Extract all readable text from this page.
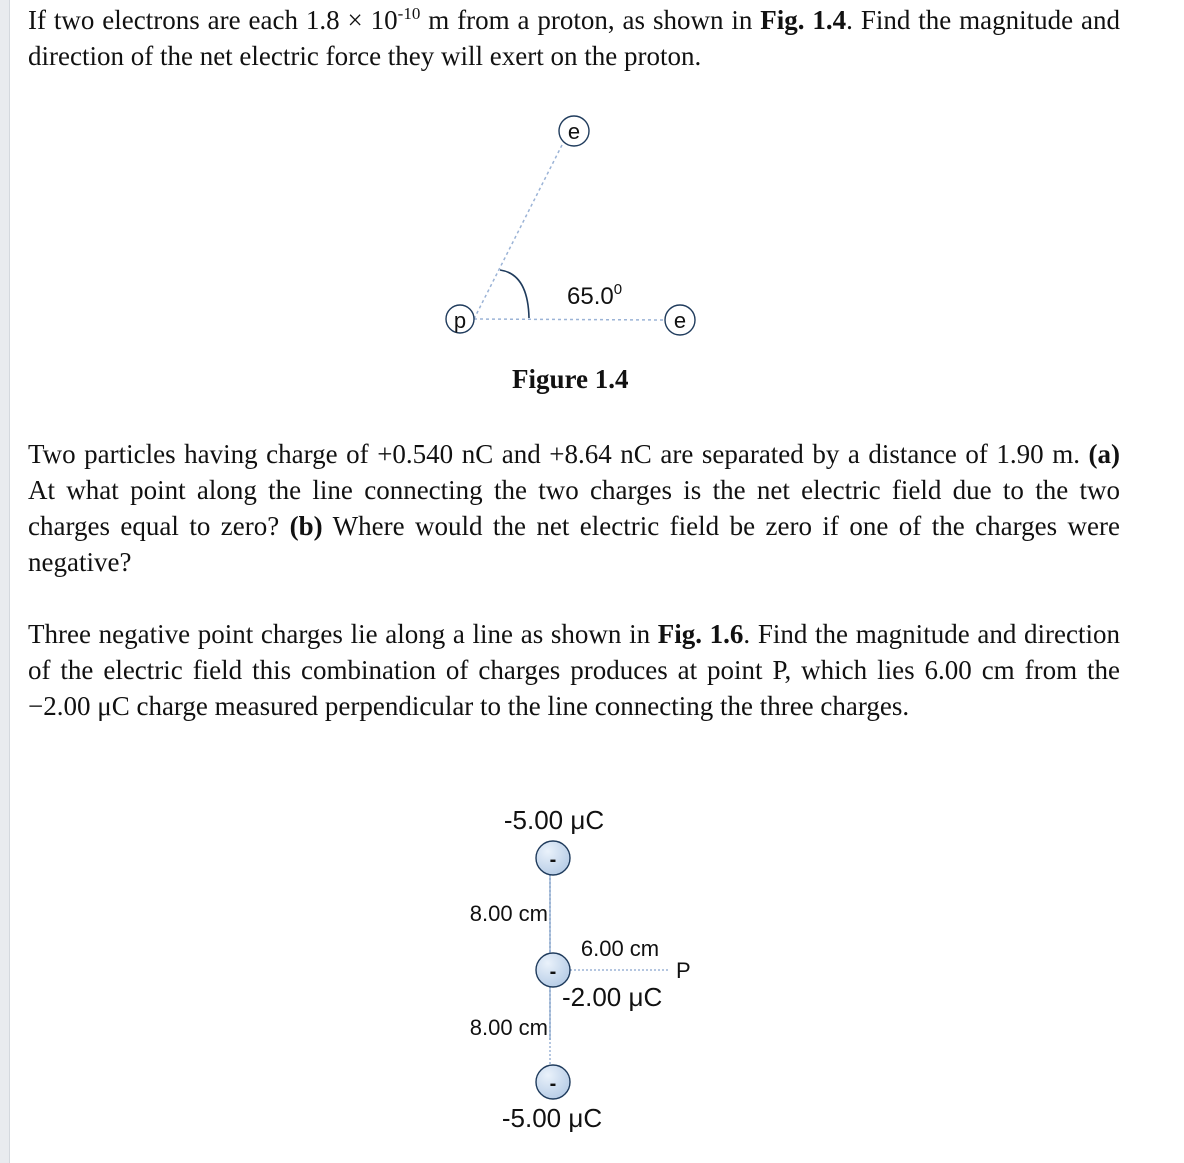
If two electrons are each $1.8 \times 10^{-10}$ m from a proton, as shown in Fig. 1.4. Find the magnitude and direction of the net electric force they will exert on the proton.
p
e
e
65.0$^0$
-5.00 μC
8.00 cm
6.00 cm
P
-2.00 μC
8.00 cm
-5.00 μC
-
-
-
Figure 1.4
Two particles having charge of +0.540 nC and +8.64 nC are separated by a distance of 1.90 m. (a) At what point along the line connecting the two charges is the net electric field due to the two charges equal to zero? (b) Where would the net electric field be zero if one of the charges were negative?
Three negative point charges lie along a line as shown in Fig. 1.6. Find the magnitude and direction of the electric field this combination of charges produces at point P, which lies 6.00 cm from the −2.00 μC charge measured perpendicular to the line connecting the three charges.
